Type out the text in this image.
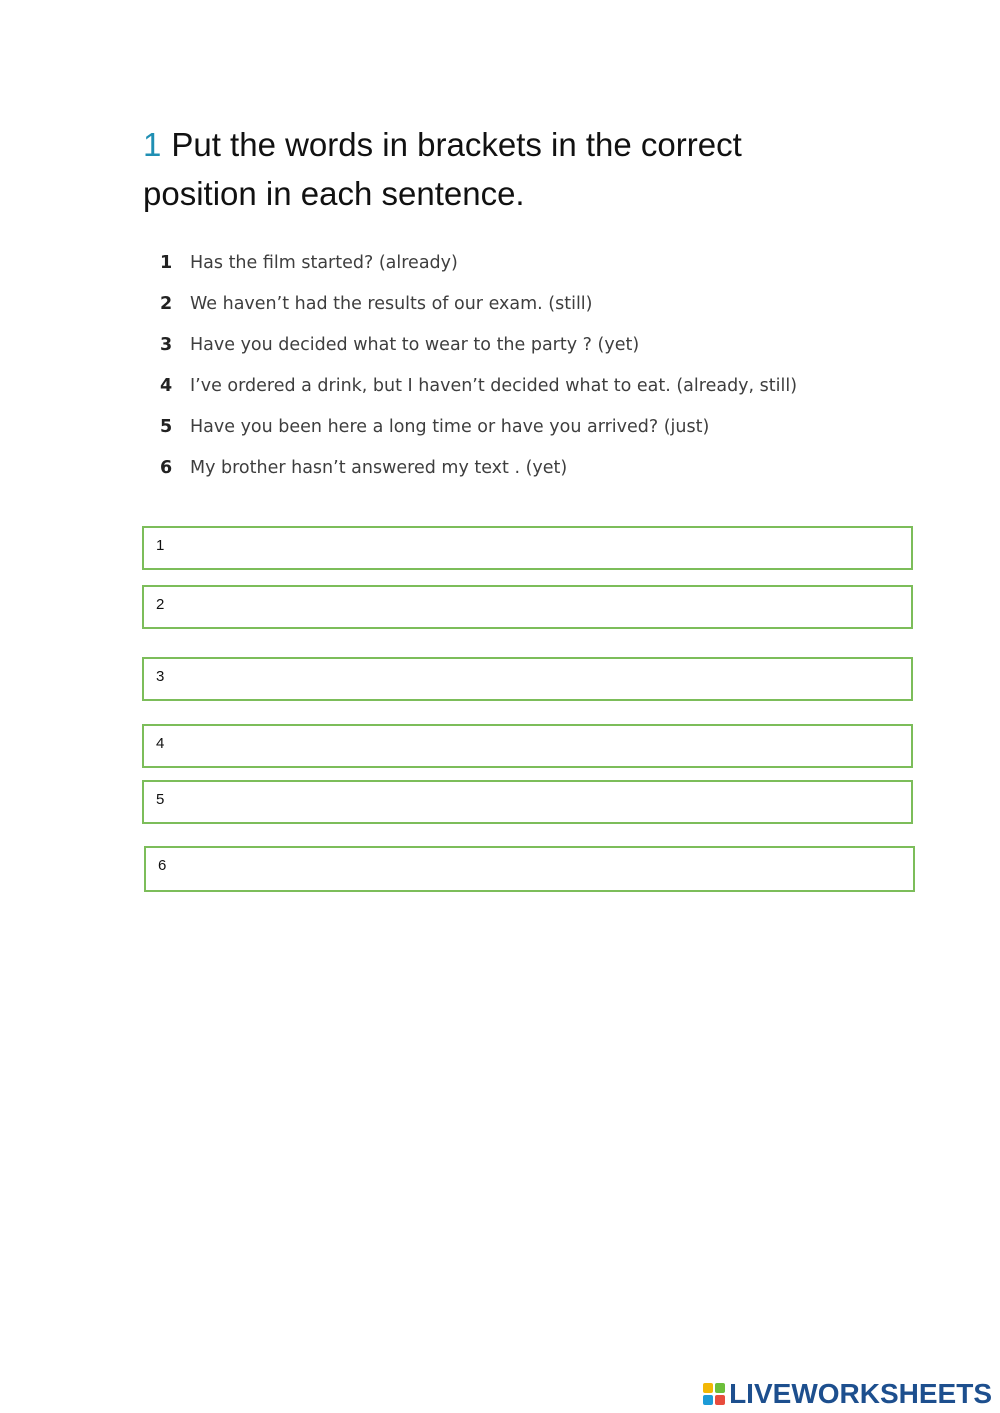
1 Put the words in brackets in the correct
position in each sentence.
1 Has the film started? (already)
2 We haven’t had the results of our exam. (still)
3 Have you decided what to wear to the party ? (yet)
4 I’ve ordered a drink, but I haven’t decided what to eat. (already, still)
5 Have you been here a long time or have you arrived? (just)
6 My brother hasn’t answered my text . (yet)
1
2
3
4
5
6
LIVEWORKSHEETS
